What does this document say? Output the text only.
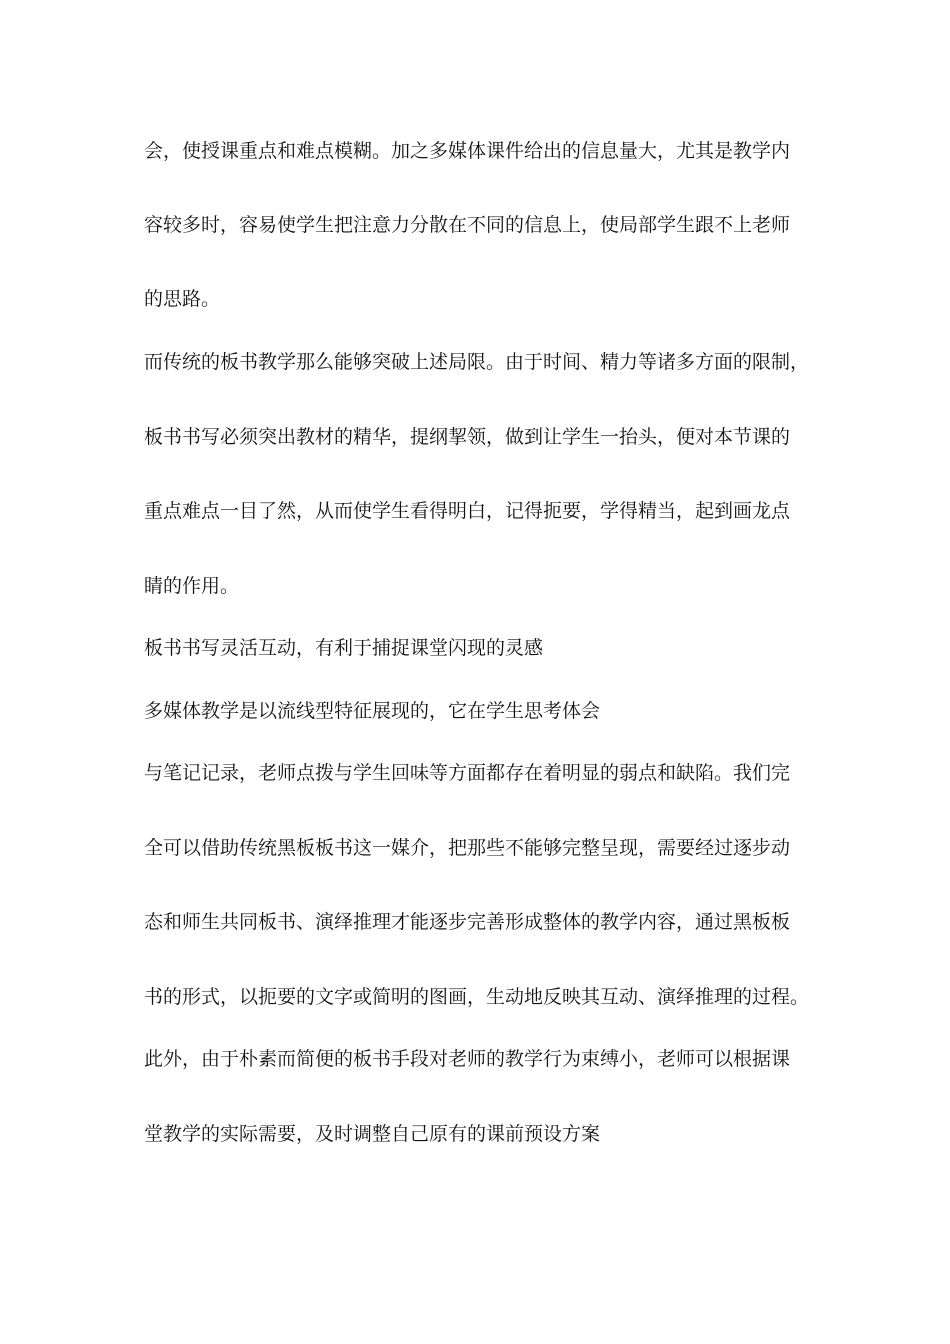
会，使授课重点和难点模糊。加之多媒体课件给出的信息量大，尤其是教学内
容较多时，容易使学生把注意力分散在不同的信息上，使局部学生跟不上老师
的思路。
而传统的板书教学那么能够突破上述局限。由于时间、精力等诸多方面的限制，
板书书写必须突出教材的精华，提纲挈领，做到让学生一抬头，便对本节课的
重点难点一目了然，从而使学生看得明白，记得扼要，学得精当，起到画龙点
睛的作用。
板书书写灵活互动，有利于捕捉课堂闪现的灵感
多媒体教学是以流线型特征展现的，它在学生思考体会
与笔记记录，老师点拨与学生回味等方面都存在着明显的弱点和缺陷。我们完
全可以借助传统黑板板书这一媒介，把那些不能够完整呈现，需要经过逐步动
态和师生共同板书、演绎推理才能逐步完善形成整体的教学内容，通过黑板板
书的形式，以扼要的文字或简明的图画，生动地反映其互动、演绎推理的过程。
此外，由于朴素而简便的板书手段对老师的教学行为束缚小，老师可以根据课
堂教学的实际需要，及时调整自己原有的课前预设方案
